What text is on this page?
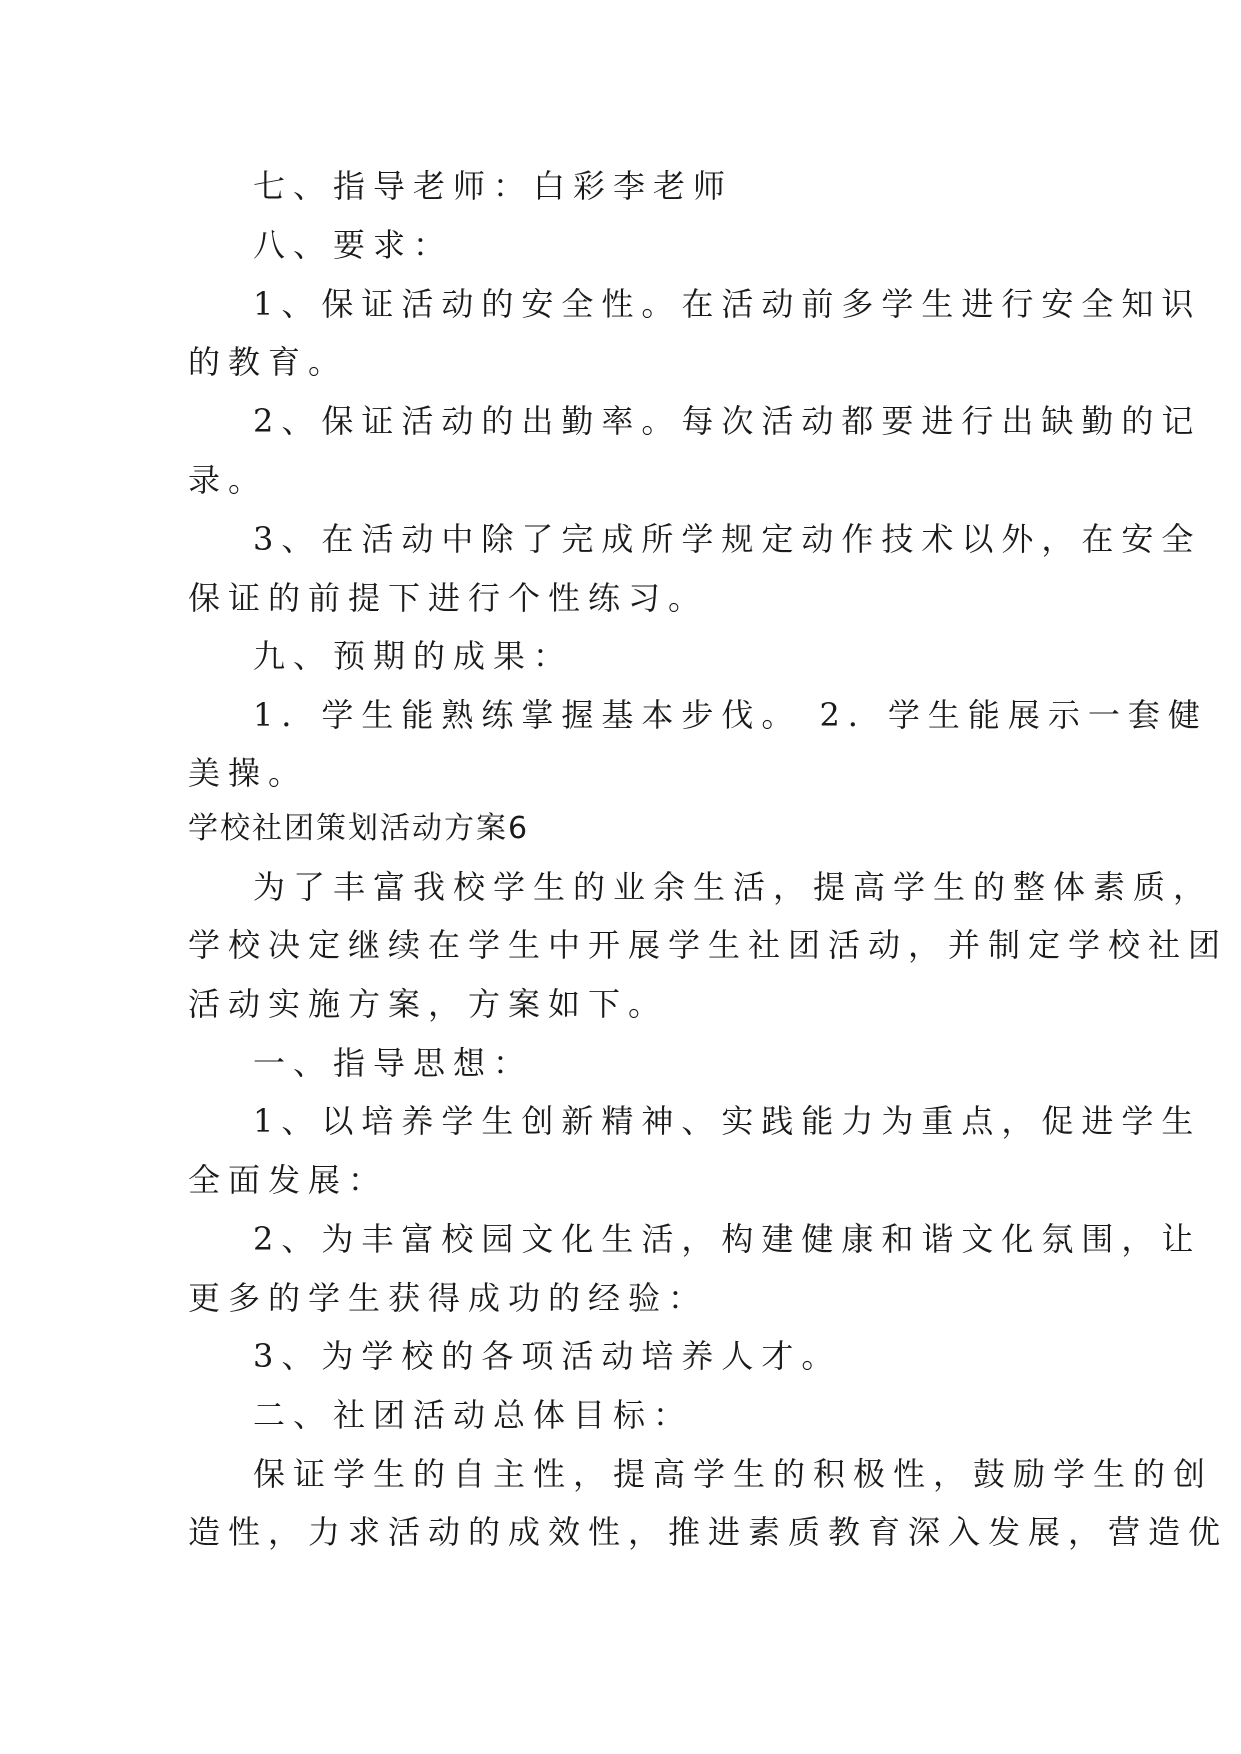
七、指导老师：白彩李老师
八、要求：
1、保证活动的安全性。在活动前多学生进行安全知识
的教育。
2、保证活动的出勤率。每次活动都要进行出缺勤的记
录。
3、在活动中除了完成所学规定动作技术以外，在安全
保证的前提下进行个性练习。
九、预期的成果：
1．学生能熟练掌握基本步伐。 2．学生能展示一套健
美操。
学校社团策划活动方案6
为了丰富我校学生的业余生活，提高学生的整体素质，
学校决定继续在学生中开展学生社团活动，并制定学校社团
活动实施方案，方案如下。
一、指导思想：
1、以培养学生创新精神、实践能力为重点，促进学生
全面发展：
2、为丰富校园文化生活，构建健康和谐文化氛围，让
更多的学生获得成功的经验：
3、为学校的各项活动培养人才。
二、社团活动总体目标：
保证学生的自主性，提高学生的积极性，鼓励学生的创
造性，力求活动的成效性，推进素质教育深入发展，营造优
